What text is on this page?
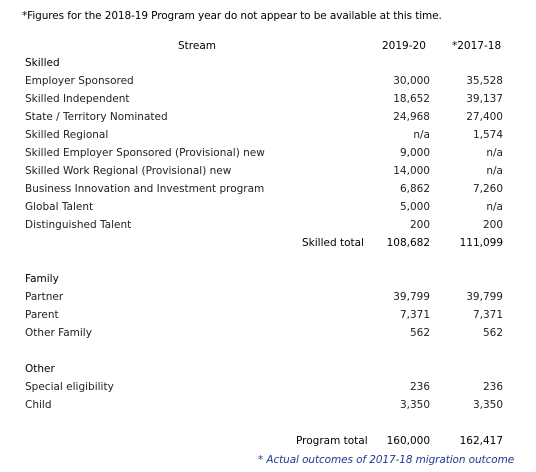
*Figures for the 2018-19 Program year do not appear to be available at this time.
Stream	2019-20 *2017-18
Skilled
Employer Sponsored	30,000	35,528
Skilled Independent	18,652	39,137
State / Territory Nominated	24,968	27,400
Skilled Regional	n/a	1,574
Skilled Employer Sponsored (Provisional) new	9,000	n/a
Skilled Work Regional (Provisional) new	14,000	n/a
Business Innovation and Investment program	6,862	7,260
Global Talent	5,000	n/a
Distinguished Talent	200	200
Skilled total	108,682	111,099
Family
Partner	39,799	39,799
Parent	7,371	7,371
Other Family	562	562
Other
Special eligibility	236	236
Child	3,350	3,350
Program total	160,000	162,417
* Actual outcomes of 2017-18 migration outcome
